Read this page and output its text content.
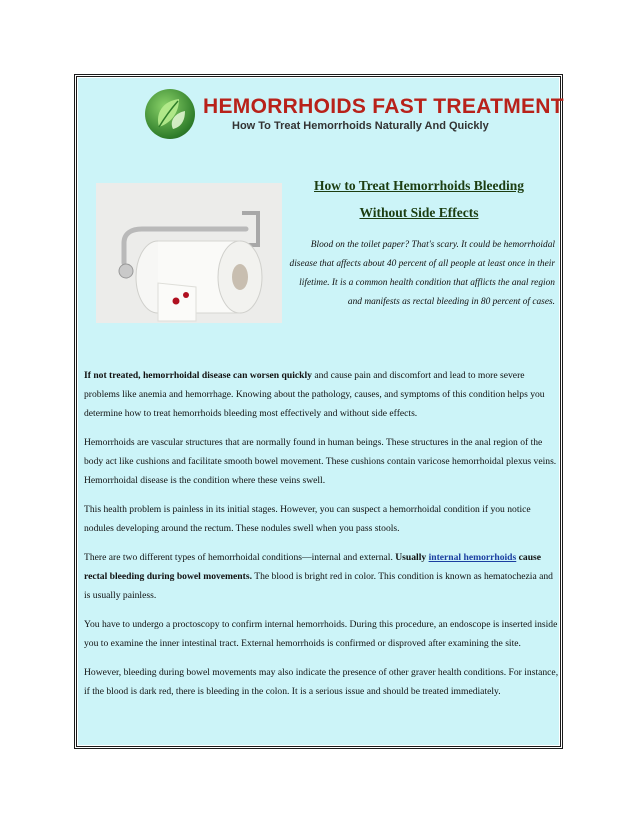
HEMORRHOIDS FAST TREATMENT
How To Treat Hemorrhoids Naturally And Quickly
How to Treat Hemorrhoids Bleeding
Without Side Effects
Blood on the toilet paper? That's scary. It could be hemorrhoidal disease that affects about 40 percent of all people at least once in their lifetime. It is a common health condition that afflicts the anal region and manifests as rectal bleeding in 80 percent of cases.

If not treated, hemorrhoidal disease can worsen quickly and cause pain and discomfort and lead to more severe problems like anemia and hemorrhage. Knowing about the pathology, causes, and symptoms of this condition helps you determine how to treat hemorrhoids bleeding most effectively and without side effects.

Hemorrhoids are vascular structures that are normally found in human beings. These structures in the anal region of the body act like cushions and facilitate smooth bowel movement. These cushions contain varicose hemorrhoidal plexus veins. Hemorrhoidal disease is the condition where these veins swell.

This health problem is painless in its initial stages. However, you can suspect a hemorrhoidal condition if you notice nodules developing around the rectum. These nodules swell when you pass stools.

There are two different types of hemorrhoidal conditions—internal and external. Usually internal hemorrhoids cause rectal bleeding during bowel movements. The blood is bright red in color. This condition is known as hematochezia and is usually painless.

You have to undergo a proctoscopy to confirm internal hemorrhoids. During this procedure, an endoscope is inserted inside you to examine the inner intestinal tract. External hemorrhoids is confirmed or disproved after examining the site.

However, bleeding during bowel movements may also indicate the presence of other graver health conditions. For instance, if the blood is dark red, there is bleeding in the colon. It is a serious issue and should be treated immediately.
